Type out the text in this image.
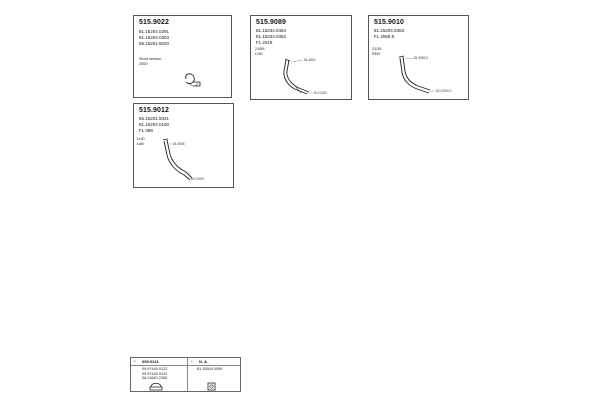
515.9022
81.15204.0291
81.15204.0303
85.15201.5020
Short version
2000
515.9089
81.15234.0464
81.15234.0362
FL 2019
21/86
LHD
81.4600
DO.0160
515.9010
81.15204.0363
FL 2068.9
21/35
RHD
81.0960.0
DO.2000.0
515.9012
85.15201.5021
81.15204.0160
FL 088
LHD
LaB	81.0806
DO.2000
* 099.0141
09.97440.0122
09.97440.0122
06.11640.2305
* N_A_
81.15504.0059
